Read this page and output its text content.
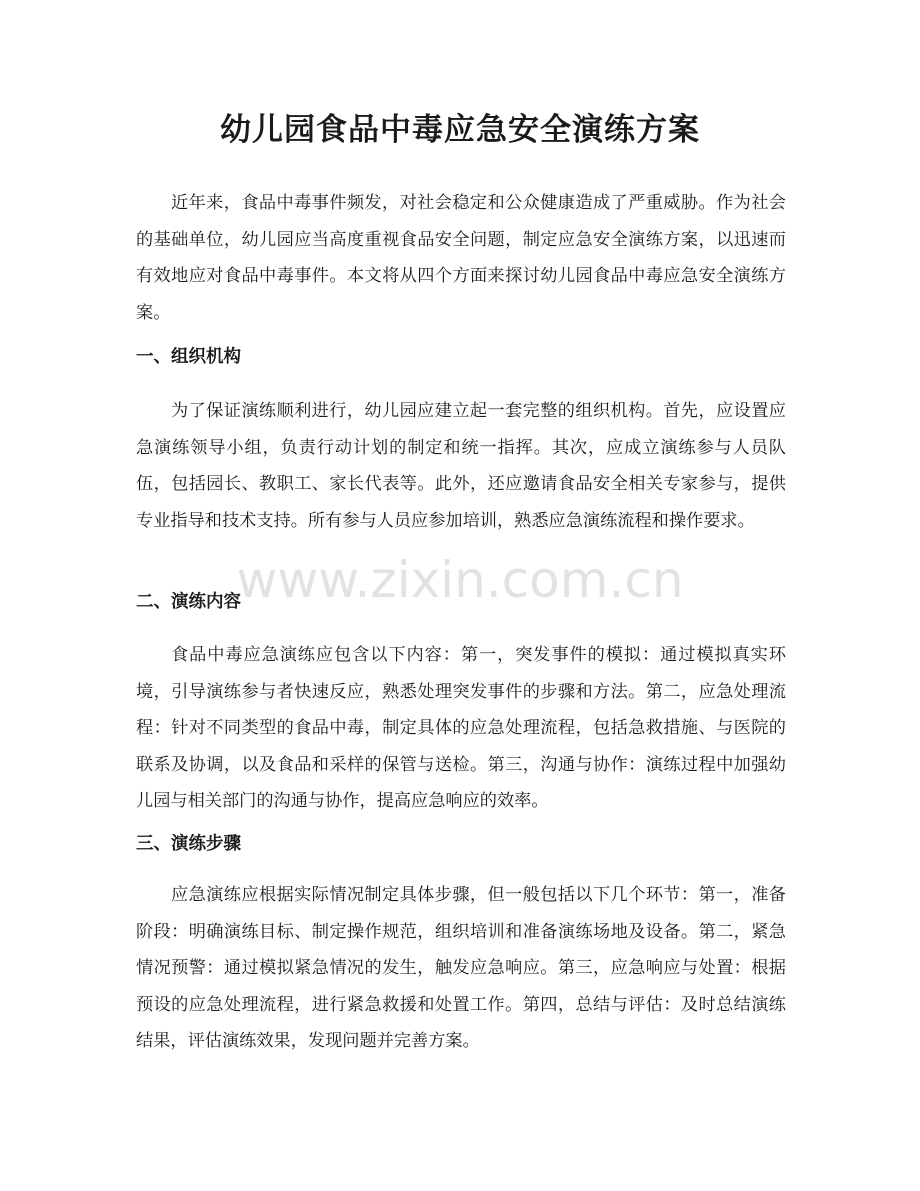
幼儿园食品中毒应急安全演练方案

近年来，食品中毒事件频发，对社会稳定和公众健康造成了严重威胁。作为社会的基础单位，幼儿园应当高度重视食品安全问题，制定应急安全演练方案，以迅速而有效地应对食品中毒事件。本文将从四个方面来探讨幼儿园食品中毒应急安全演练方案。

一、组织机构

为了保证演练顺利进行，幼儿园应建立起一套完整的组织机构。首先，应设置应急演练领导小组，负责行动计划的制定和统一指挥。其次，应成立演练参与人员队伍，包括园长、教职工、家长代表等。此外，还应邀请食品安全相关专家参与，提供专业指导和技术支持。所有参与人员应参加培训，熟悉应急演练流程和操作要求。

二、演练内容

食品中毒应急演练应包含以下内容：第一，突发事件的模拟：通过模拟真实环境，引导演练参与者快速反应，熟悉处理突发事件的步骤和方法。第二，应急处理流程：针对不同类型的食品中毒，制定具体的应急处理流程，包括急救措施、与医院的联系及协调，以及食品和采样的保管与送检。第三，沟通与协作：演练过程中加强幼儿园与相关部门的沟通与协作，提高应急响应的效率。

三、演练步骤

应急演练应根据实际情况制定具体步骤，但一般包括以下几个环节：第一，准备阶段：明确演练目标、制定操作规范，组织培训和准备演练场地及设备。第二，紧急情况预警：通过模拟紧急情况的发生，触发应急响应。第三，应急响应与处置：根据预设的应急处理流程，进行紧急救援和处置工作。第四，总结与评估：及时总结演练结果，评估演练效果，发现问题并完善方案。

www.zixin.com.cn
